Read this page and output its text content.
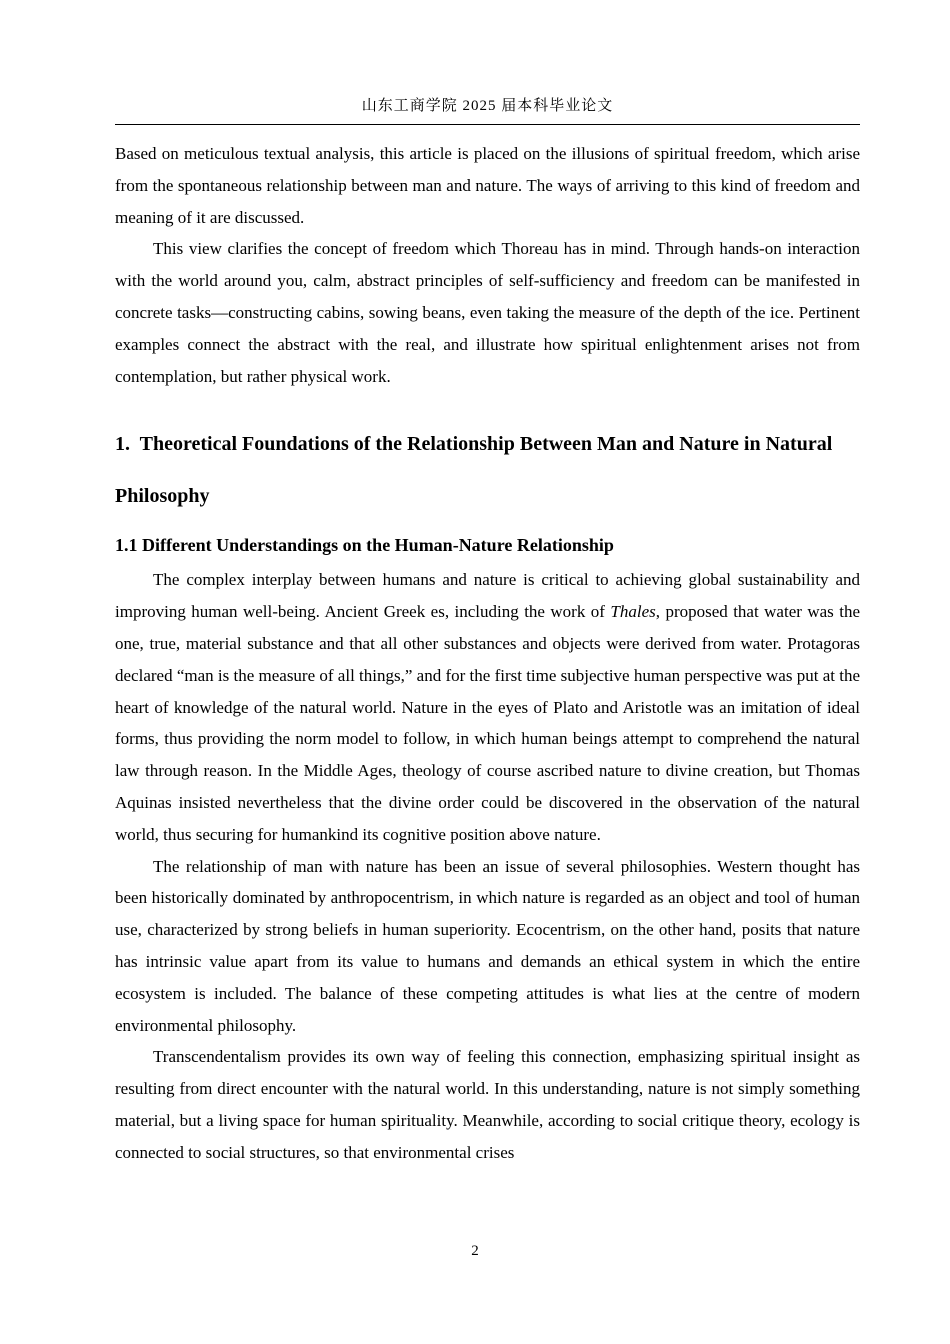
山东工商学院 2025 届本科毕业论文

Based on meticulous textual analysis, this article is placed on the illusions of spiritual freedom, which arise from the spontaneous relationship between man and nature. The ways of arriving to this kind of freedom and meaning of it are discussed.

This view clarifies the concept of freedom which Thoreau has in mind. Through hands-on interaction with the world around you, calm, abstract principles of self-sufficiency and freedom can be manifested in concrete tasks—constructing cabins, sowing beans, even taking the measure of the depth of the ice. Pertinent examples connect the abstract with the real, and illustrate how spiritual enlightenment arises not from contemplation, but rather physical work.

1.  Theoretical Foundations of the Relationship Between Man and Nature in Natural Philosophy
1.1 Different Understandings on the Human-Nature Relationship

The complex interplay between humans and nature is critical to achieving global sustainability and improving human well-being. Ancient Greek es, including the work of Thales, proposed that water was the one, true, material substance and that all other substances and objects were derived from water. Protagoras declared “man is the measure of all things,” and for the first time subjective human perspective was put at the heart of knowledge of the natural world. Nature in the eyes of Plato and Aristotle was an imitation of ideal forms, thus providing the norm model to follow, in which human beings attempt to comprehend the natural law through reason. In the Middle Ages, theology of course ascribed nature to divine creation, but Thomas Aquinas insisted nevertheless that the divine order could be discovered in the observation of the natural world, thus securing for humankind its cognitive position above nature.

The relationship of man with nature has been an issue of several philosophies. Western thought has been historically dominated by anthropocentrism, in which nature is regarded as an object and tool of human use, characterized by strong beliefs in human superiority. Ecocentrism, on the other hand, posits that nature has intrinsic value apart from its value to humans and demands an ethical system in which the entire ecosystem is included. The balance of these competing attitudes is what lies at the centre of modern environmental philosophy.

Transcendentalism provides its own way of feeling this connection, emphasizing spiritual insight as resulting from direct encounter with the natural world. In this understanding, nature is not simply something material, but a living space for human spirituality. Meanwhile, according to social critique theory, ecology is connected to social structures, so that environmental crises

2
